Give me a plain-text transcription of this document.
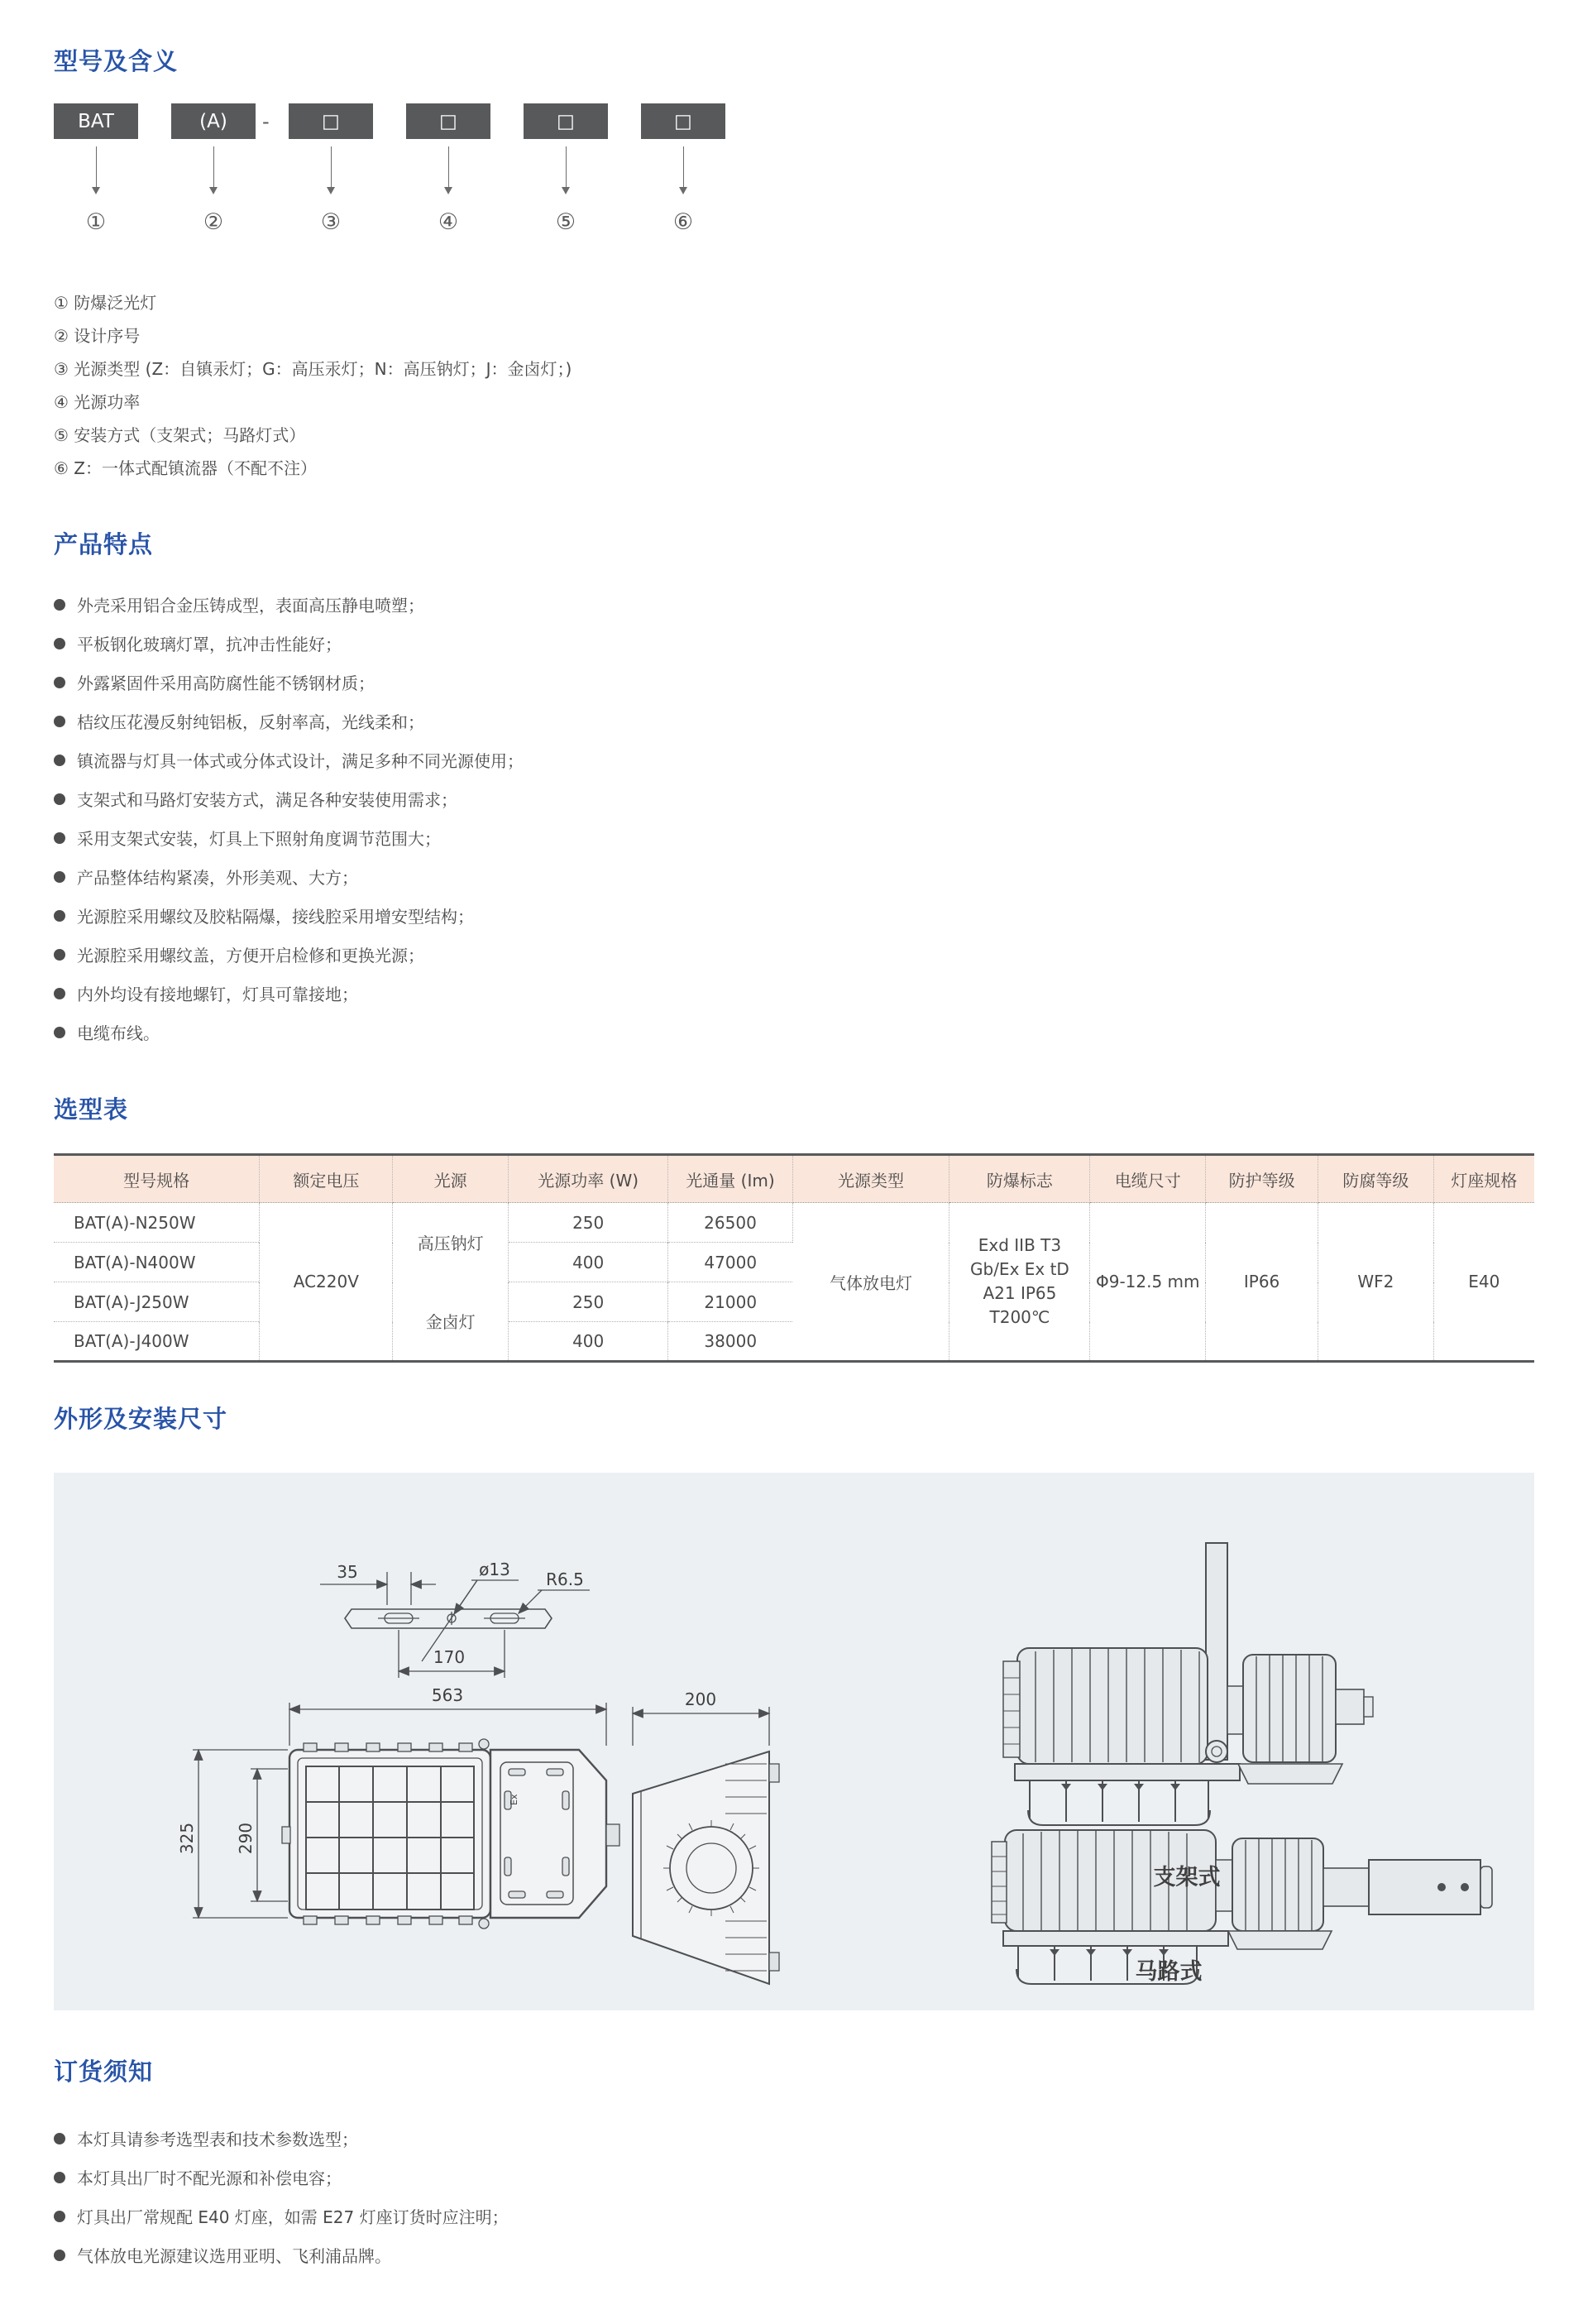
型号及含义
BAT	(A)	-	□	□	□	□
①	②	③	④	⑤	⑥
① 防爆泛光灯
② 设计序号
③ 光源类型 (Z：自镇汞灯；G：高压汞灯；N：高压钠灯；J：金卤灯；)
④ 光源功率
⑤ 安装方式（支架式；马路灯式）
⑥ Z：一体式配镇流器（不配不注）
产品特点
外壳采用铝合金压铸成型，表面高压静电喷塑；
平板钢化玻璃灯罩，抗冲击性能好；
外露紧固件采用高防腐性能不锈钢材质；
桔纹压花漫反射纯铝板，反射率高，光线柔和；
镇流器与灯具一体式或分体式设计，满足多种不同光源使用；
支架式和马路灯安装方式，满足各种安装使用需求；
采用支架式安装，灯具上下照射角度调节范围大；
产品整体结构紧凑，外形美观、大方；
光源腔采用螺纹及胶粘隔爆，接线腔采用增安型结构；
光源腔采用螺纹盖，方便开启检修和更换光源；
内外均设有接地螺钉，灯具可靠接地；
电缆布线。
选型表
型号规格	额定电压	光源	光源功率 (W)	光通量 (Im)	光源类型	防爆标志	电缆尺寸	防护等级	防腐等级	灯座规格
BAT(A)-N250W	AC220V	高压钠灯	250	26500	气体放电灯	Exd IIB T3 Gb/Ex Ex tD A21 IP65 T200℃	Φ9-12.5 mm	IP66	WF2	E40
BAT(A)-N400W			400	47000						
BAT(A)-J250W		金卤灯	250	21000						
BAT(A)-J400W			400	38000						
外形及安装尺寸
35	ø13 R6.5
170
563
325 290
200
Ex
支架式
马路式
订货须知
本灯具请参考选型表和技术参数选型；
本灯具出厂时不配光源和补偿电容；
灯具出厂常规配 E40 灯座，如需 E27 灯座订货时应注明；
气体放电光源建议选用亚明、飞利浦品牌。
